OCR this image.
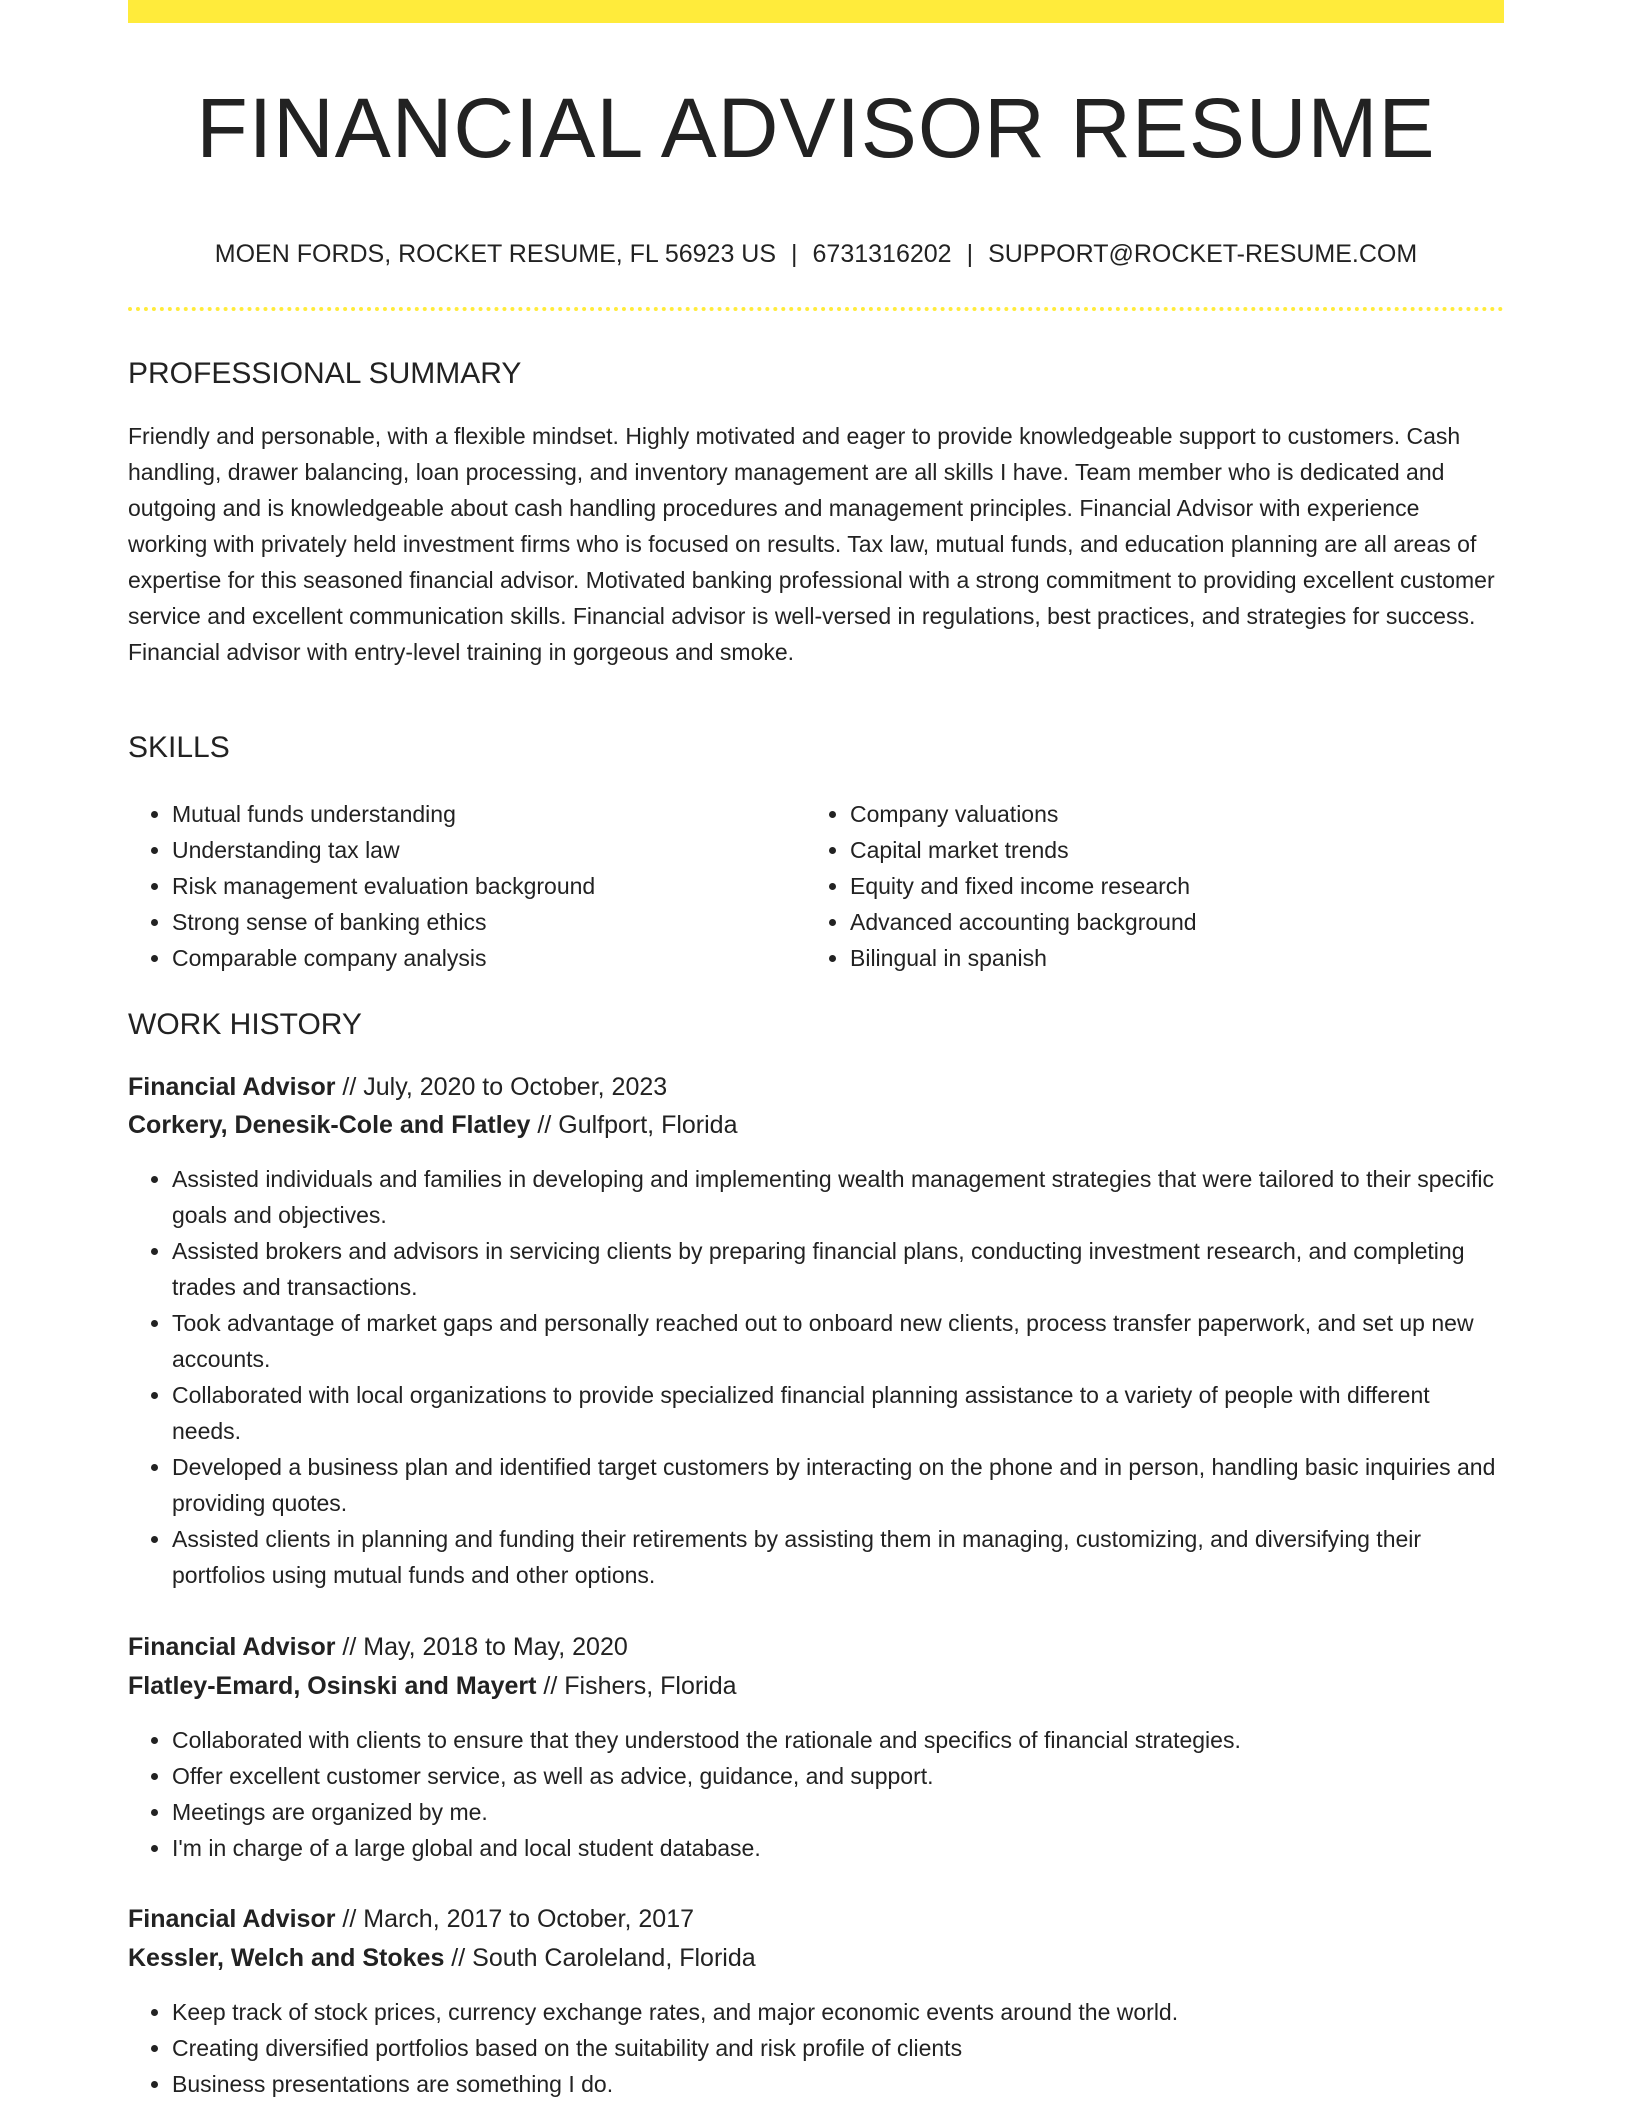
FINANCIAL ADVISOR RESUME
MOEN FORDS, ROCKET RESUME, FL 56923 US | 6731316202 | SUPPORT@ROCKET-RESUME.COM
PROFESSIONAL SUMMARY

Friendly and personable, with a flexible mindset. Highly motivated and eager to provide knowledgeable support to customers. Cash handling, drawer balancing, loan processing, and inventory management are all skills I have. Team member who is dedicated and outgoing and is knowledgeable about cash handling procedures and management principles. Financial Advisor with experience working with privately held investment firms who is focused on results. Tax law, mutual funds, and education planning are all areas of expertise for this seasoned financial advisor. Motivated banking professional with a strong commitment to providing excellent customer service and excellent communication skills. Financial advisor is well-versed in regulations, best practices, and strategies for success. Financial advisor with entry-level training in gorgeous and smoke.

SKILLS
• Mutual funds understanding
• Understanding tax law
• Risk management evaluation background
• Strong sense of banking ethics
• Comparable company analysis
• Company valuations
• Capital market trends
• Equity and fixed income research
• Advanced accounting background
• Bilingual in spanish
WORK HISTORY
Financial Advisor // July, 2020 to October, 2023
Corkery, Denesik-Cole and Flatley // Gulfport, Florida
• Assisted individuals and families in developing and implementing wealth management strategies that were tailored to their specific goals and objectives.
• Assisted brokers and advisors in servicing clients by preparing financial plans, conducting investment research, and completing trades and transactions.
• Took advantage of market gaps and personally reached out to onboard new clients, process transfer paperwork, and set up new accounts.
• Collaborated with local organizations to provide specialized financial planning assistance to a variety of people with different needs.
• Developed a business plan and identified target customers by interacting on the phone and in person, handling basic inquiries and providing quotes.
• Assisted clients in planning and funding their retirements by assisting them in managing, customizing, and diversifying their portfolios using mutual funds and other options.
Financial Advisor // May, 2018 to May, 2020
Flatley-Emard, Osinski and Mayert // Fishers, Florida
• Collaborated with clients to ensure that they understood the rationale and specifics of financial strategies.
• Offer excellent customer service, as well as advice, guidance, and support.
• Meetings are organized by me.
• I'm in charge of a large global and local student database.
Financial Advisor // March, 2017 to October, 2017
Kessler, Welch and Stokes // South Caroleland, Florida
• Keep track of stock prices, currency exchange rates, and major economic events around the world.
• Creating diversified portfolios based on the suitability and risk profile of clients
• Business presentations are something I do.
